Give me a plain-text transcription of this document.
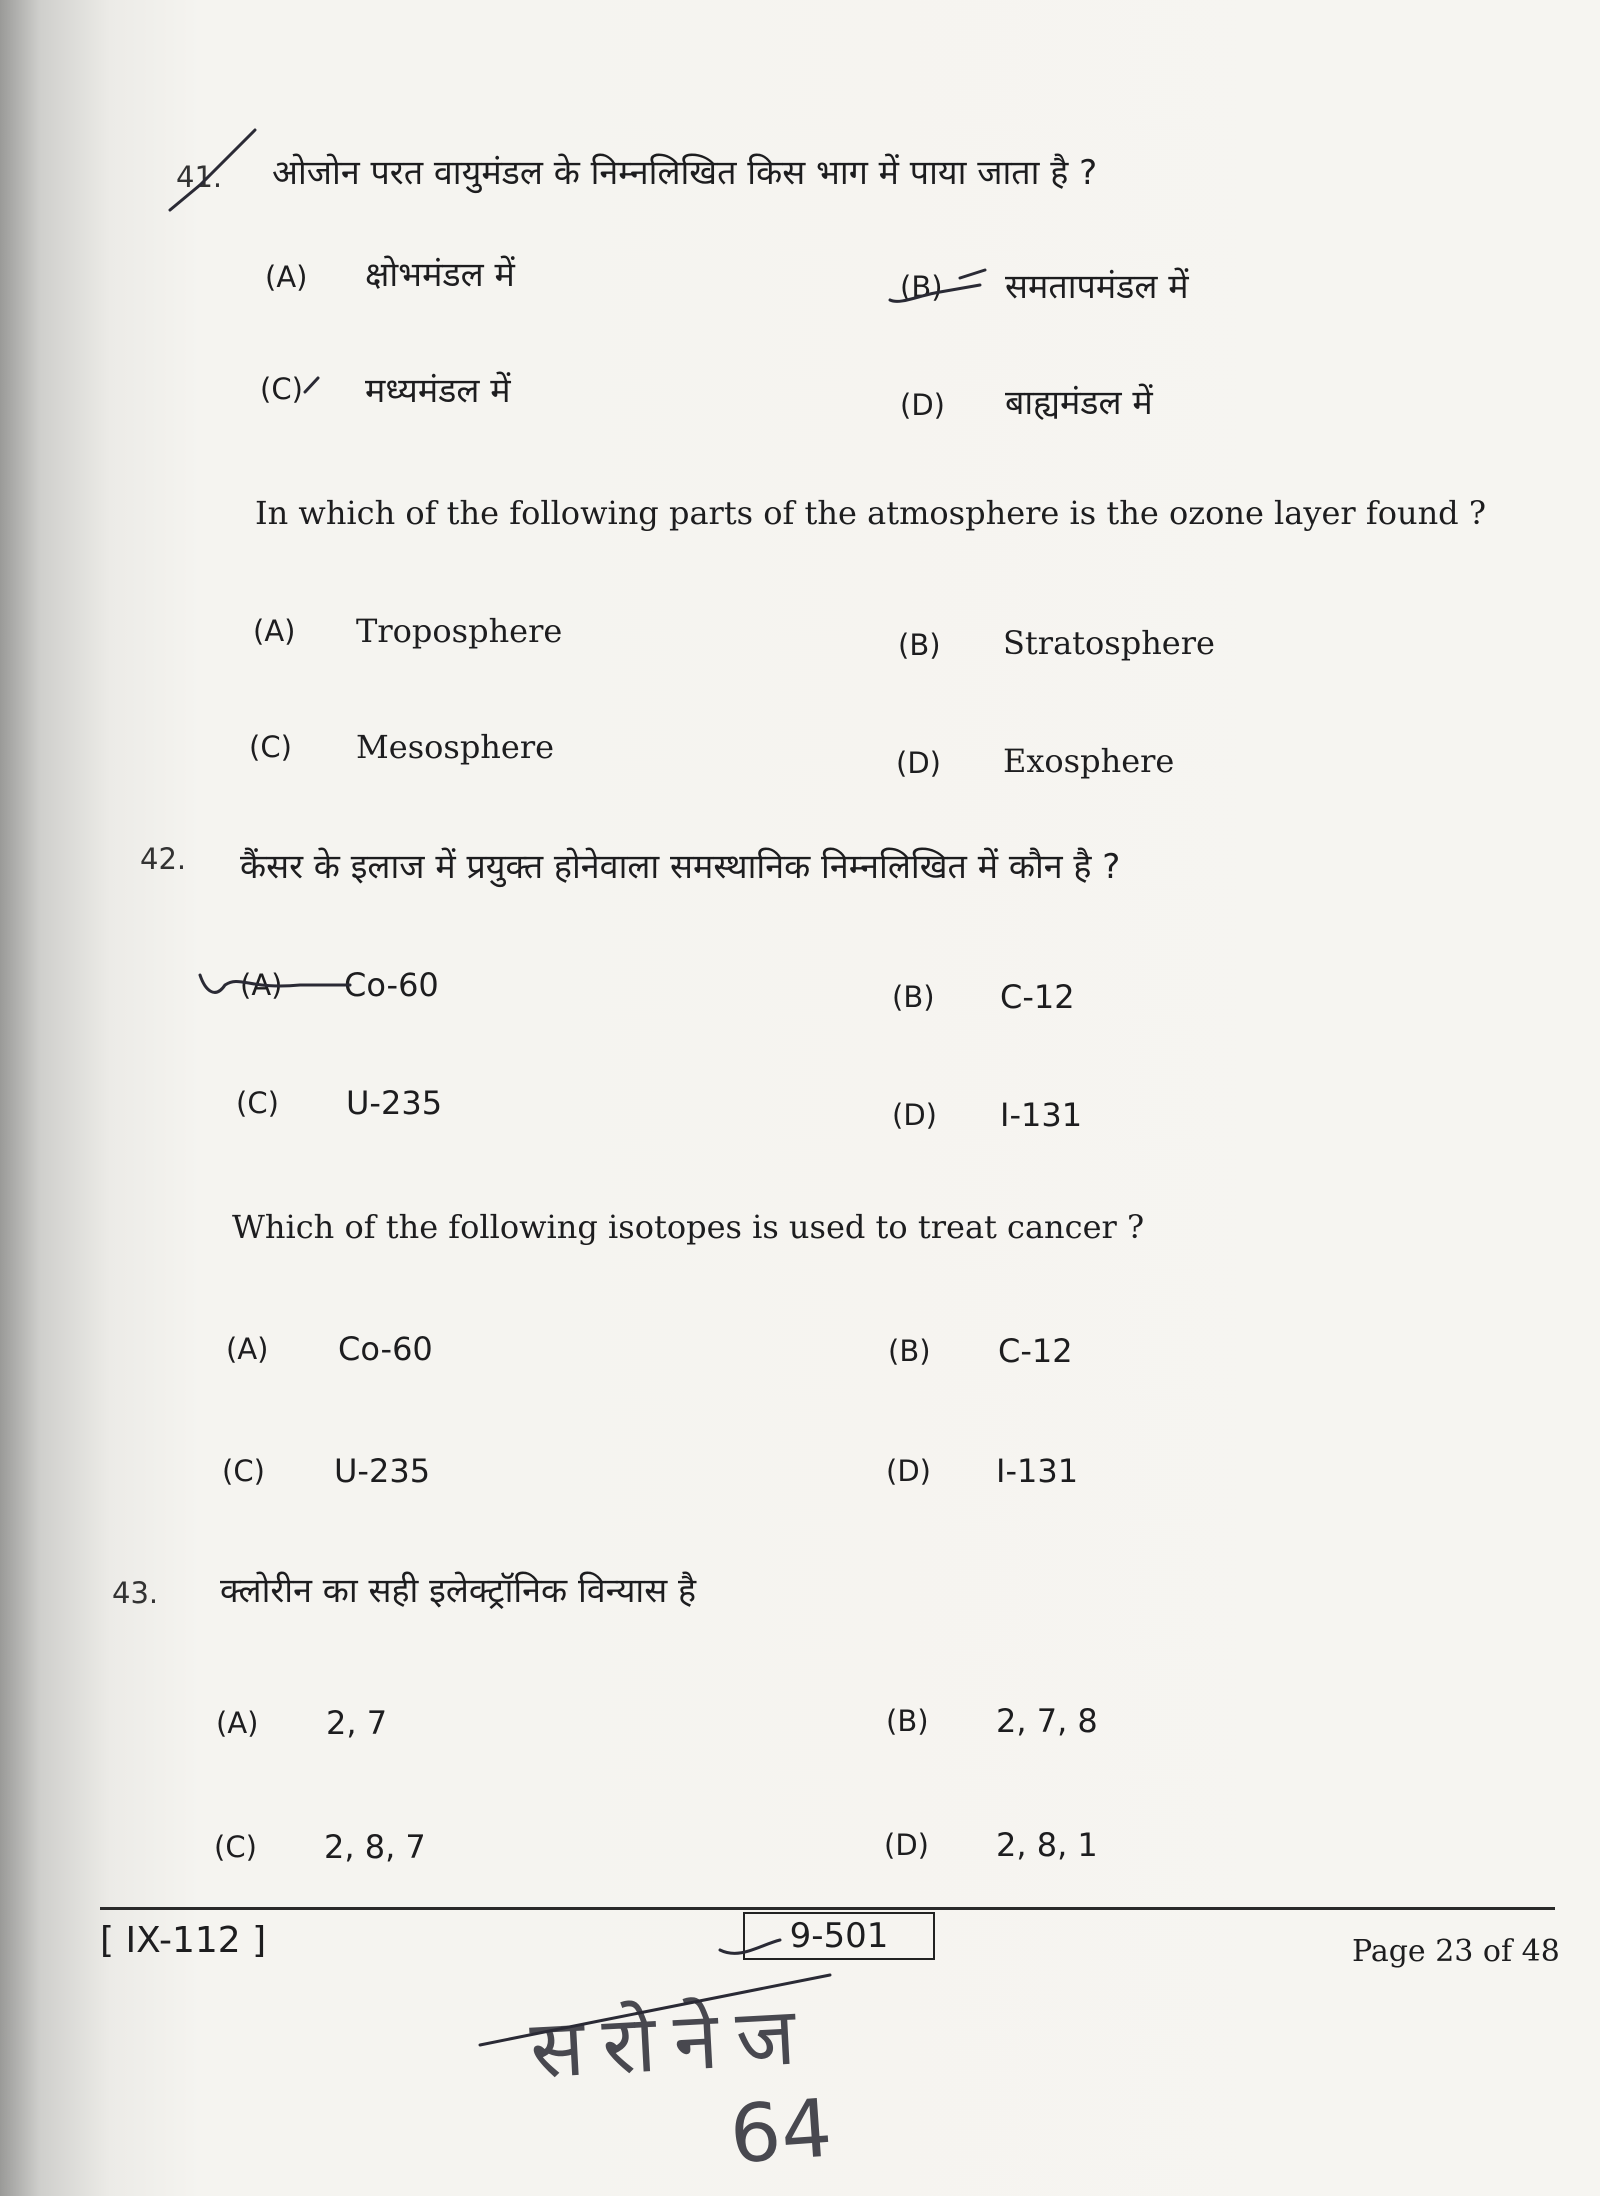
41. ओजोन परत वायुमंडल के निम्नलिखित किस भाग में पाया जाता है ?
(A) क्षोभमंडल में	(B) समतापमंडल में
(C) मध्यमंडल में	(D) बाह्यमंडल में
In which of the following parts of the atmosphere is the ozone layer found ?
(A) Troposphere	(B) Stratosphere
(C) Mesosphere	(D) Exosphere
42. कैंसर के इलाज में प्रयुक्त होनेवाला समस्थानिक निम्नलिखित में कौन है ?
(A) Co-60	(B) C-12
(C) U-235	(D) I-131
Which of the following isotopes is used to treat cancer ?
(A) Co-60	(B) C-12
(C) U-235	(D) I-131
43. क्लोरीन का सही इलेक्ट्रॉनिक विन्यास है
(A) 2, 7	(B) 2, 7, 8
(C) 2, 8, 7	(D) 2, 8, 1
[ IX-112 ]	9-501	Page 23 of 48
सरोनेज
64
